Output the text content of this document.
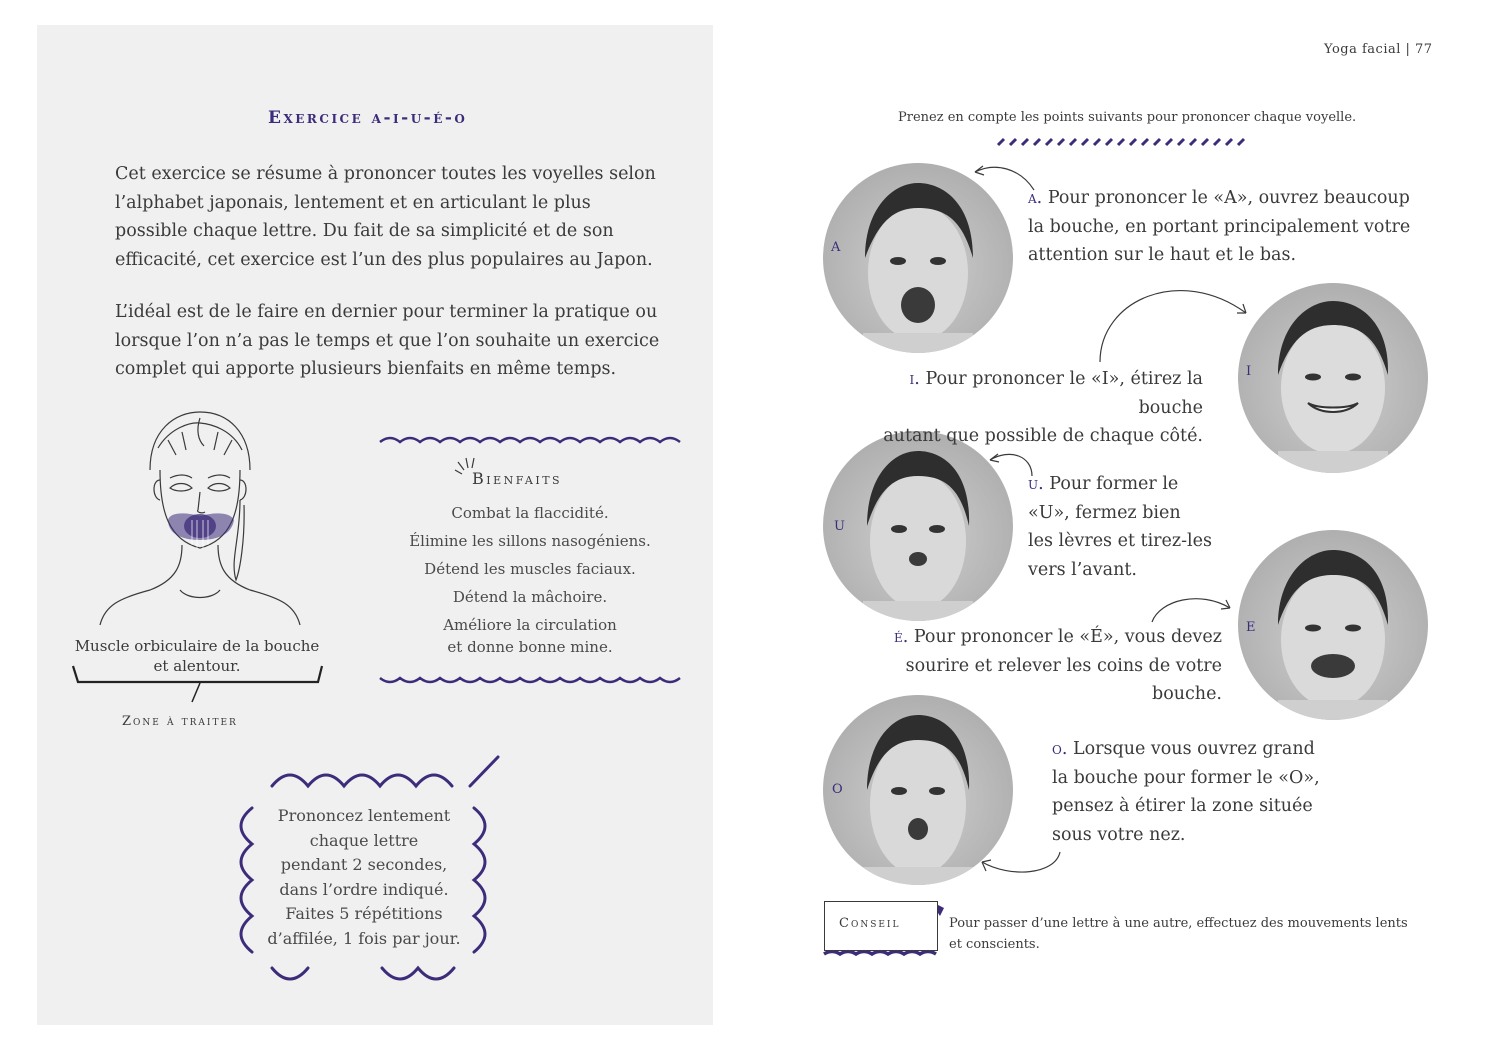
Exercice a-i-u-é-o
Cet exercice se résume à prononcer toutes les voyelles selon l’alphabet japonais, lentement et en articulant le plus possible chaque lettre. Du fait de sa simplicité et de son efficacité, cet exercice est l’un des plus populaires au Japon.
L’idéal est de le faire en dernier pour terminer la pratique ou lorsque l’on n’a pas le temps et que l’on souhaite un exercice complet qui apporte plusieurs bienfaits en même temps.
Muscle orbiculaire de la bouche et alentour.
Zone à traiter
Bienfaits
Combat la flaccidité.
Élimine les sillons nasogéniens.
Détend les muscles faciaux.
Détend la mâchoire.
Améliore la circulation
et donne bonne mine.
Prononcez lentement
chaque lettre
pendant 2 secondes,
dans l’ordre indiqué.
Faites 5 répétitions
d’affilée, 1 fois par jour.
Yoga facial | 77
Prenez en compte les points suivants pour prononcer chaque voyelle.
A
I
U
E
O
a. Pour prononcer le «A», ouvrez beaucoup
la bouche, en portant principalement votre
attention sur le haut et le bas.
i. Pour prononcer le «I», étirez la bouche
autant que possible de chaque côté.
u. Pour former le
«U», fermez bien
les lèvres et tirez-les
vers l’avant.
é. Pour prononcer le «É», vous devez
sourire et relever les coins de votre bouche.
o. Lorsque vous ouvrez grand
la bouche pour former le «O»,
pensez à étirer la zone située
sous votre nez.
Conseil	Pour passer d’une lettre à une autre, effectuez des mouvements lents
et conscients.
